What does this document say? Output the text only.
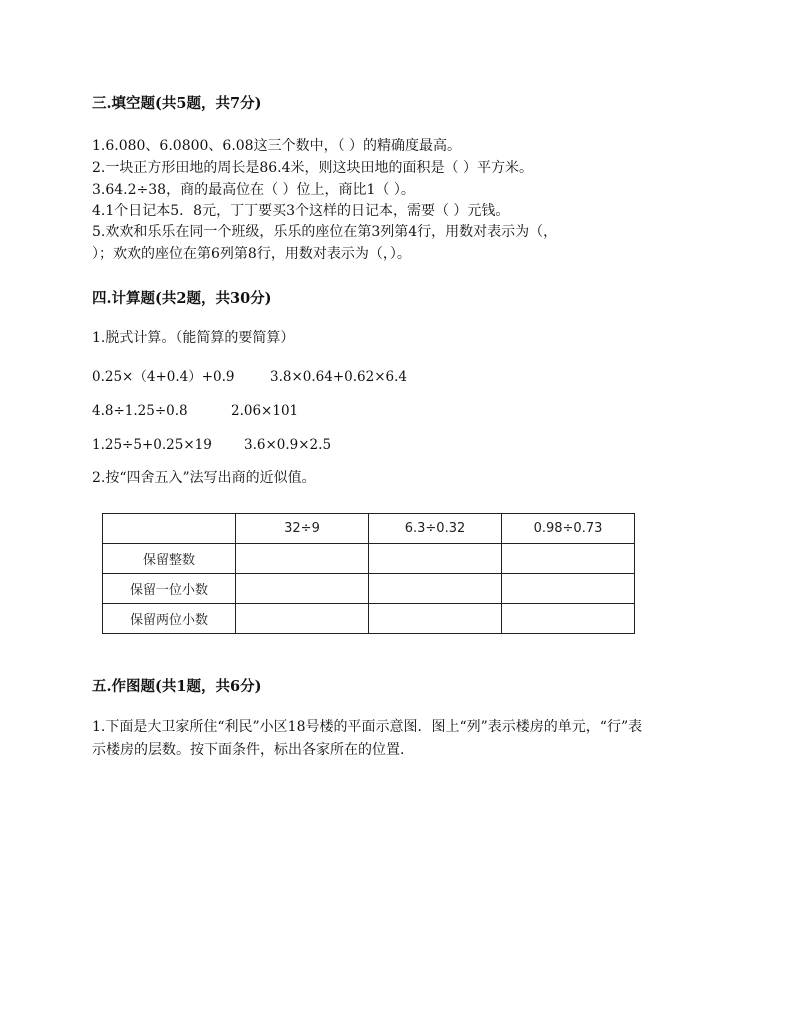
三.填空题(共5题，共7分)
1.6.080、6.0800、6.08这三个数中，（ ）的精确度最高。
2.一块正方形田地的周长是86.4米，则这块田地的面积是（ ）平方米。
3.64.2÷38，商的最高位在（ ）位上，商比1（ ）。
4.1个日记本5．8元，丁丁要买3个这样的日记本，需要（ ）元钱。
5.欢欢和乐乐在同一个班级，乐乐的座位在第3列第4行，用数对表示为（，
）；欢欢的座位在第6列第8行，用数对表示为（，）。
四.计算题(共2题，共30分)
1.脱式计算。（能简算的要简算）
0.25×（4+0.4）+0.9	3.8×0.64+0.62×6.4
4.8÷1.25÷0.8	2.06×101
1.25÷5+0.25×19 3.6×0.9×2.5
2.按“四舍五入”法写出商的近似值。
	32÷9	6.3÷0.32	0.98÷0.73
保留整数			
保留一位小数			
保留两位小数			
五.作图题(共1题，共6分)
1.下面是大卫家所住“利民”小区18号楼的平面示意图．图上“列”表示楼房的单元，“行”表
示楼房的层数。按下面条件，标出各家所在的位置.
